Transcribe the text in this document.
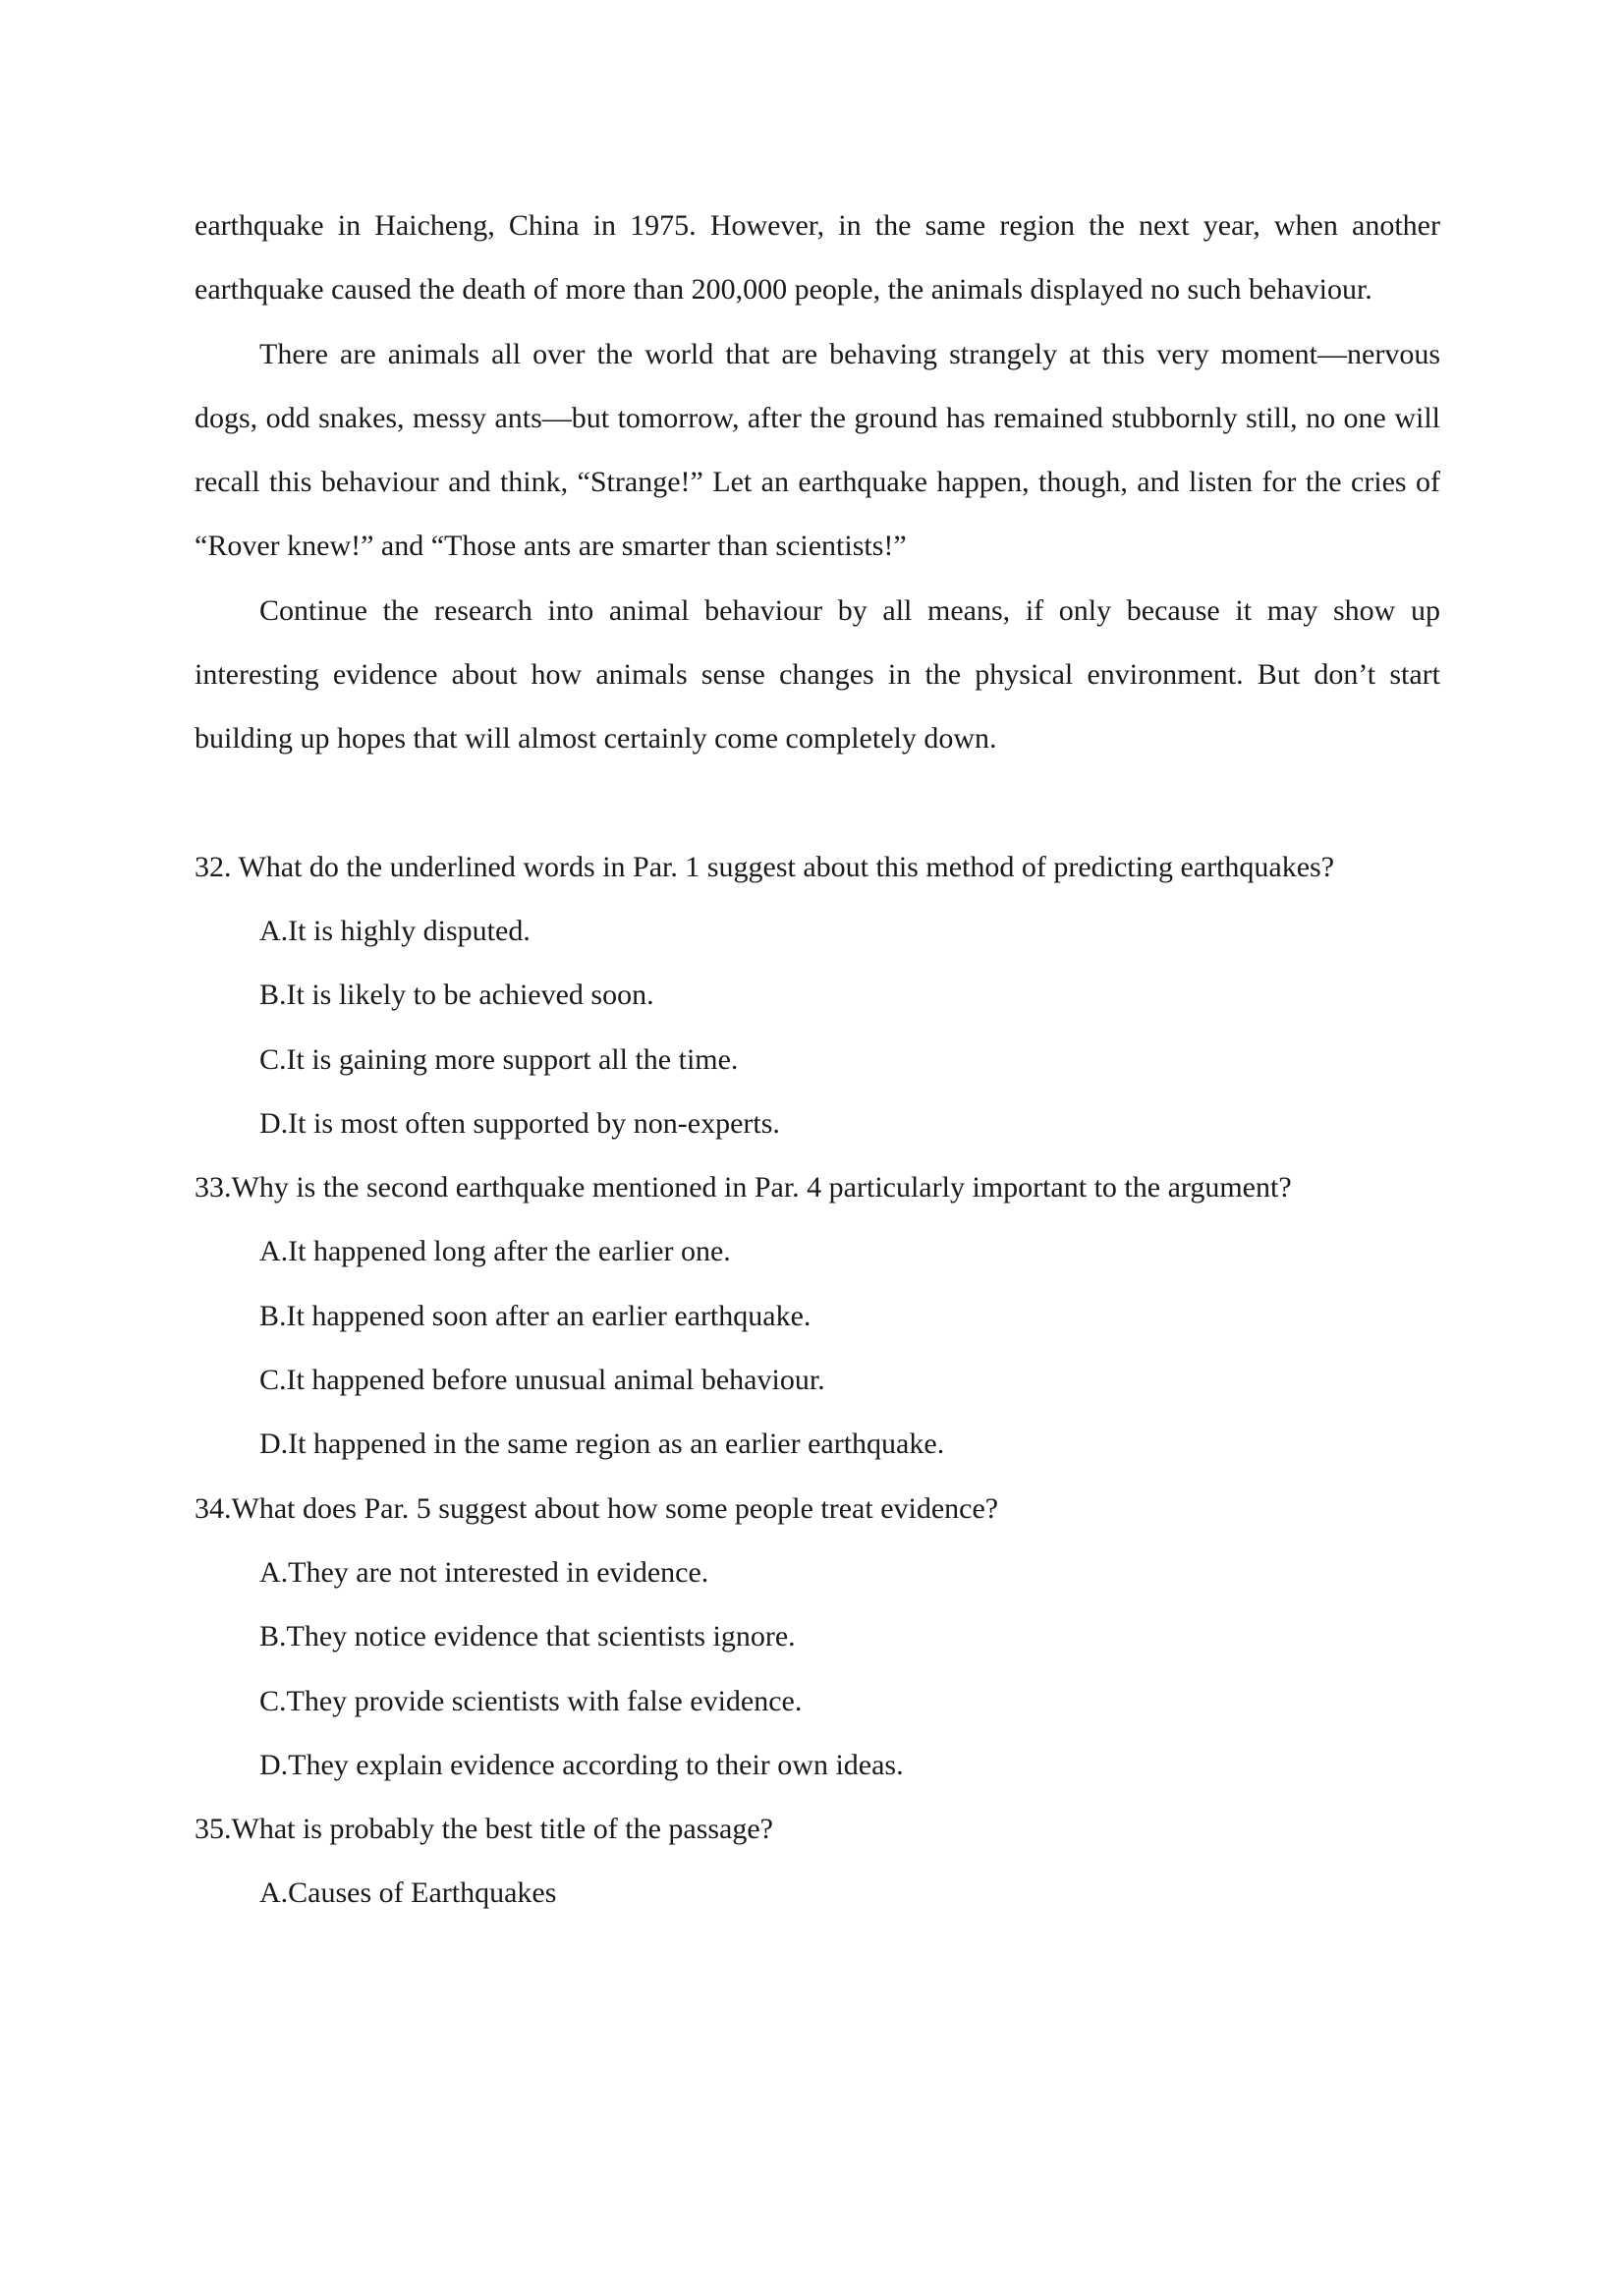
earthquake in Haicheng, China in 1975. However, in the same region the next year, when another earthquake caused the death of more than 200,000 people, the animals displayed no such behaviour.

There are animals all over the world that are behaving strangely at this very moment—nervous dogs, odd snakes, messy ants—but tomorrow, after the ground has remained stubbornly still, no one will recall this behaviour and think, “Strange!” Let an earthquake happen, though, and listen for the cries of “Rover knew!” and “Those ants are smarter than scientists!”

Continue the research into animal behaviour by all means, if only because it may show up interesting evidence about how animals sense changes in the physical environment. But don’t start building up hopes that will almost certainly come completely down.

32. What do the underlined words in Par. 1 suggest about this method of predicting earthquakes?

A.It is highly disputed.

B.It is likely to be achieved soon.

C.It is gaining more support all the time.

D.It is most often supported by non-experts.

33.Why is the second earthquake mentioned in Par. 4 particularly important to the argument?

A.It happened long after the earlier one.

B.It happened soon after an earlier earthquake.

C.It happened before unusual animal behaviour.

D.It happened in the same region as an earlier earthquake.

34.What does Par. 5 suggest about how some people treat evidence?

A.They are not interested in evidence.

B.They notice evidence that scientists ignore.

C.They provide scientists with false evidence.

D.They explain evidence according to their own ideas.

35.What is probably the best title of the passage?

A.Causes of Earthquakes
